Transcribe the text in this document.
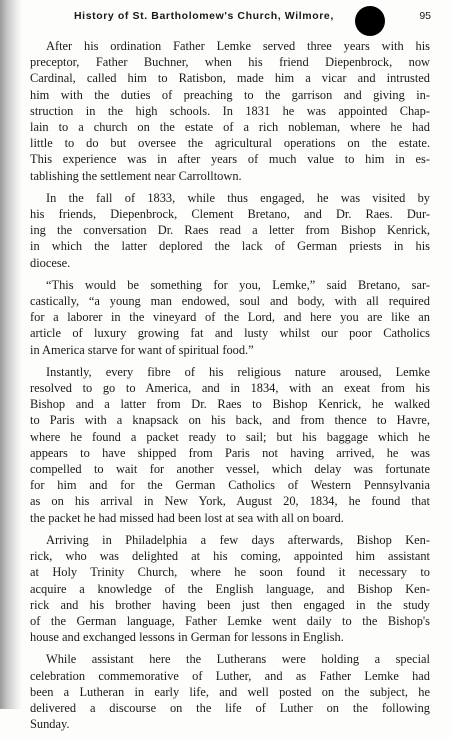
History of St. Bartholomew's Church, Wilmore,	95

After his ordination Father Lemke served three years with his
preceptor, Father Buchner, when his friend Diepenbrock, now
Cardinal, called him to Ratisbon, made him a vicar and intrusted
him with the duties of preaching to the garrison and giving in-
struction in the high schools. In 1831 he was appointed Chap-
lain to a church on the estate of a rich nobleman, where he had
little to do but oversee the agricultural operations on the estate.
This experience was in after years of much value to him in es-
tablishing the settlement near Carrolltown.

In the fall of 1833, while thus engaged, he was visited by
his friends, Diepenbrock, Clement Bretano, and Dr. Raes. Dur-
ing the conversation Dr. Raes read a letter from Bishop Kenrick,
in which the latter deplored the lack of German priests in his
diocese.

“This would be something for you, Lemke,” said Bretano, sar-
castically, “a young man endowed, soul and body, with all required
for a laborer in the vineyard of the Lord, and here you are like an
article of luxury growing fat and lusty whilst our poor Catholics
in America starve for want of spiritual food.”

Instantly, every fibre of his religious nature aroused, Lemke
resolved to go to America, and in 1834, with an exeat from his
Bishop and a latter from Dr. Raes to Bishop Kenrick, he walked
to Paris with a knapsack on his back, and from thence to Havre,
where he found a packet ready to sail; but his baggage which he
appears to have shipped from Paris not having arrived, he was
compelled to wait for another vessel, which delay was fortunate
for him and for the German Catholics of Western Pennsylvania
as on his arrival in New York, August 20, 1834, he found that
the packet he had missed had been lost at sea with all on board.

Arriving in Philadelphia a few days afterwards, Bishop Ken-
rick, who was delighted at his coming, appointed him assistant
at Holy Trinity Church, where he soon found it necessary to
acquire a knowledge of the English language, and Bishop Ken-
rick and his brother having been just then engaged in the study
of the German language, Father Lemke went daily to the Bishop's
house and exchanged lessons in German for lessons in English.

While assistant here the Lutherans were holding a special
celebration commemorative of Luther, and as Father Lemke had
been a Lutheran in early life, and well posted on the subject, he
delivered a discourse on the life of Luther on the following
Sunday.
